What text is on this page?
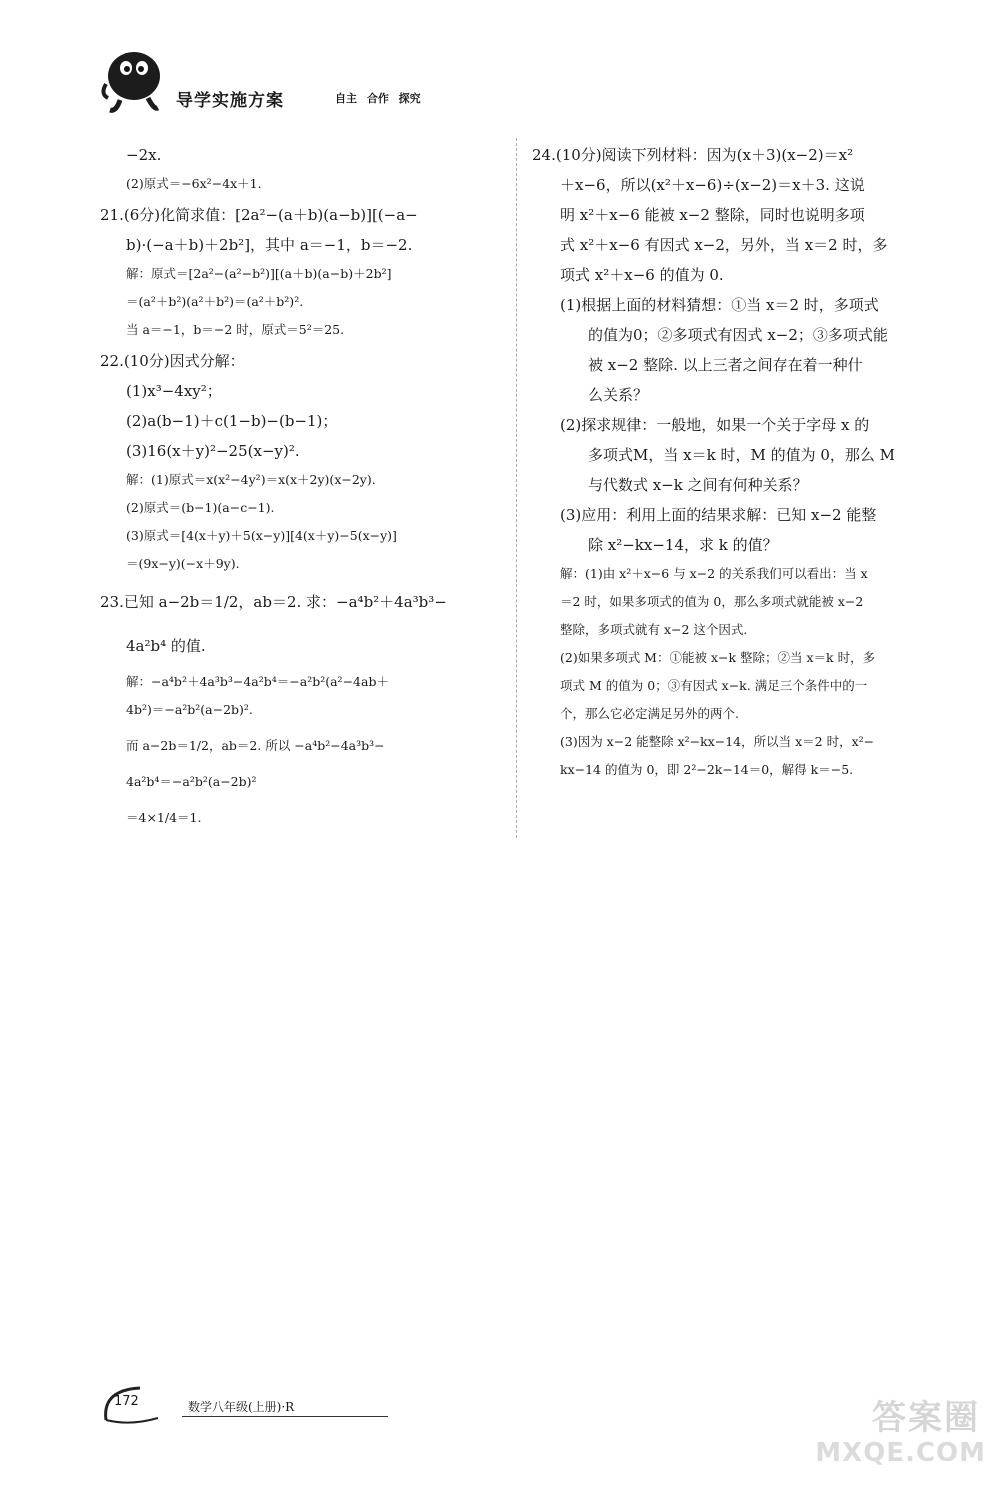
导学实施方案	自主 合作 探究
−2x.
(2)原式＝−6x²−4x＋1.
21.(6分)化简求值：[2a²−(a＋b)(a−b)][(−a−
b)·(−a＋b)＋2b²]，其中 a＝−1，b＝−2.
解：原式＝[2a²−(a²−b²)][(a＋b)(a−b)＋2b²]
＝(a²＋b²)(a²＋b²)＝(a²＋b²)².
当 a＝−1，b＝−2 时，原式＝5²＝25.
22.(10分)因式分解：
(1)x³−4xy²；
(2)a(b−1)＋c(1−b)−(b−1)；
(3)16(x＋y)²−25(x−y)².
解：(1)原式＝x(x²−4y²)＝x(x＋2y)(x−2y).
(2)原式＝(b−1)(a−c−1).
(3)原式＝[4(x＋y)＋5(x−y)][4(x＋y)−5(x−y)]
＝(9x−y)(−x＋9y).
23.已知 a−2b＝1/2，ab＝2. 求：−a⁴b²＋4a³b³−
4a²b⁴ 的值.
解：−a⁴b²＋4a³b³−4a²b⁴＝−a²b²(a²−4ab＋
4b²)＝−a²b²(a−2b)².
而 a−2b＝1/2，ab＝2. 所以 −a⁴b²−4a³b³−
4a²b⁴＝−a²b²(a−2b)²
＝4×1/4＝1.
24.(10分)阅读下列材料：因为(x＋3)(x−2)＝x²
＋x−6，所以(x²＋x−6)÷(x−2)＝x＋3. 这说
明 x²＋x−6 能被 x−2 整除，同时也说明多项
式 x²＋x−6 有因式 x−2，另外，当 x＝2 时，多
项式 x²＋x−6 的值为 0.
(1)根据上面的材料猜想：①当 x＝2 时，多项式
的值为0；②多项式有因式 x−2；③多项式能
被 x−2 整除. 以上三者之间存在着一种什
么关系？
(2)探求规律：一般地，如果一个关于字母 x 的
多项式M，当 x＝k 时，M 的值为 0，那么 M
与代数式 x−k 之间有何种关系？
(3)应用：利用上面的结果求解：已知 x−2 能整
除 x²−kx−14，求 k 的值？
解：(1)由 x²＋x−6 与 x−2 的关系我们可以看出：当 x
＝2 时，如果多项式的值为 0，那么多项式就能被 x−2
整除，多项式就有 x−2 这个因式.
(2)如果多项式 M：①能被 x−k 整除；②当 x＝k 时，多
项式 M 的值为 0；③有因式 x−k. 满足三个条件中的一
个，那么它必定满足另外的两个.
(3)因为 x−2 能整除 x²−kx−14，所以当 x＝2 时，x²−
kx−14 的值为 0，即 2²−2k−14＝0，解得 k＝−5.
172	数学八年级(上册)·R	答案圈
MXQE.COM
